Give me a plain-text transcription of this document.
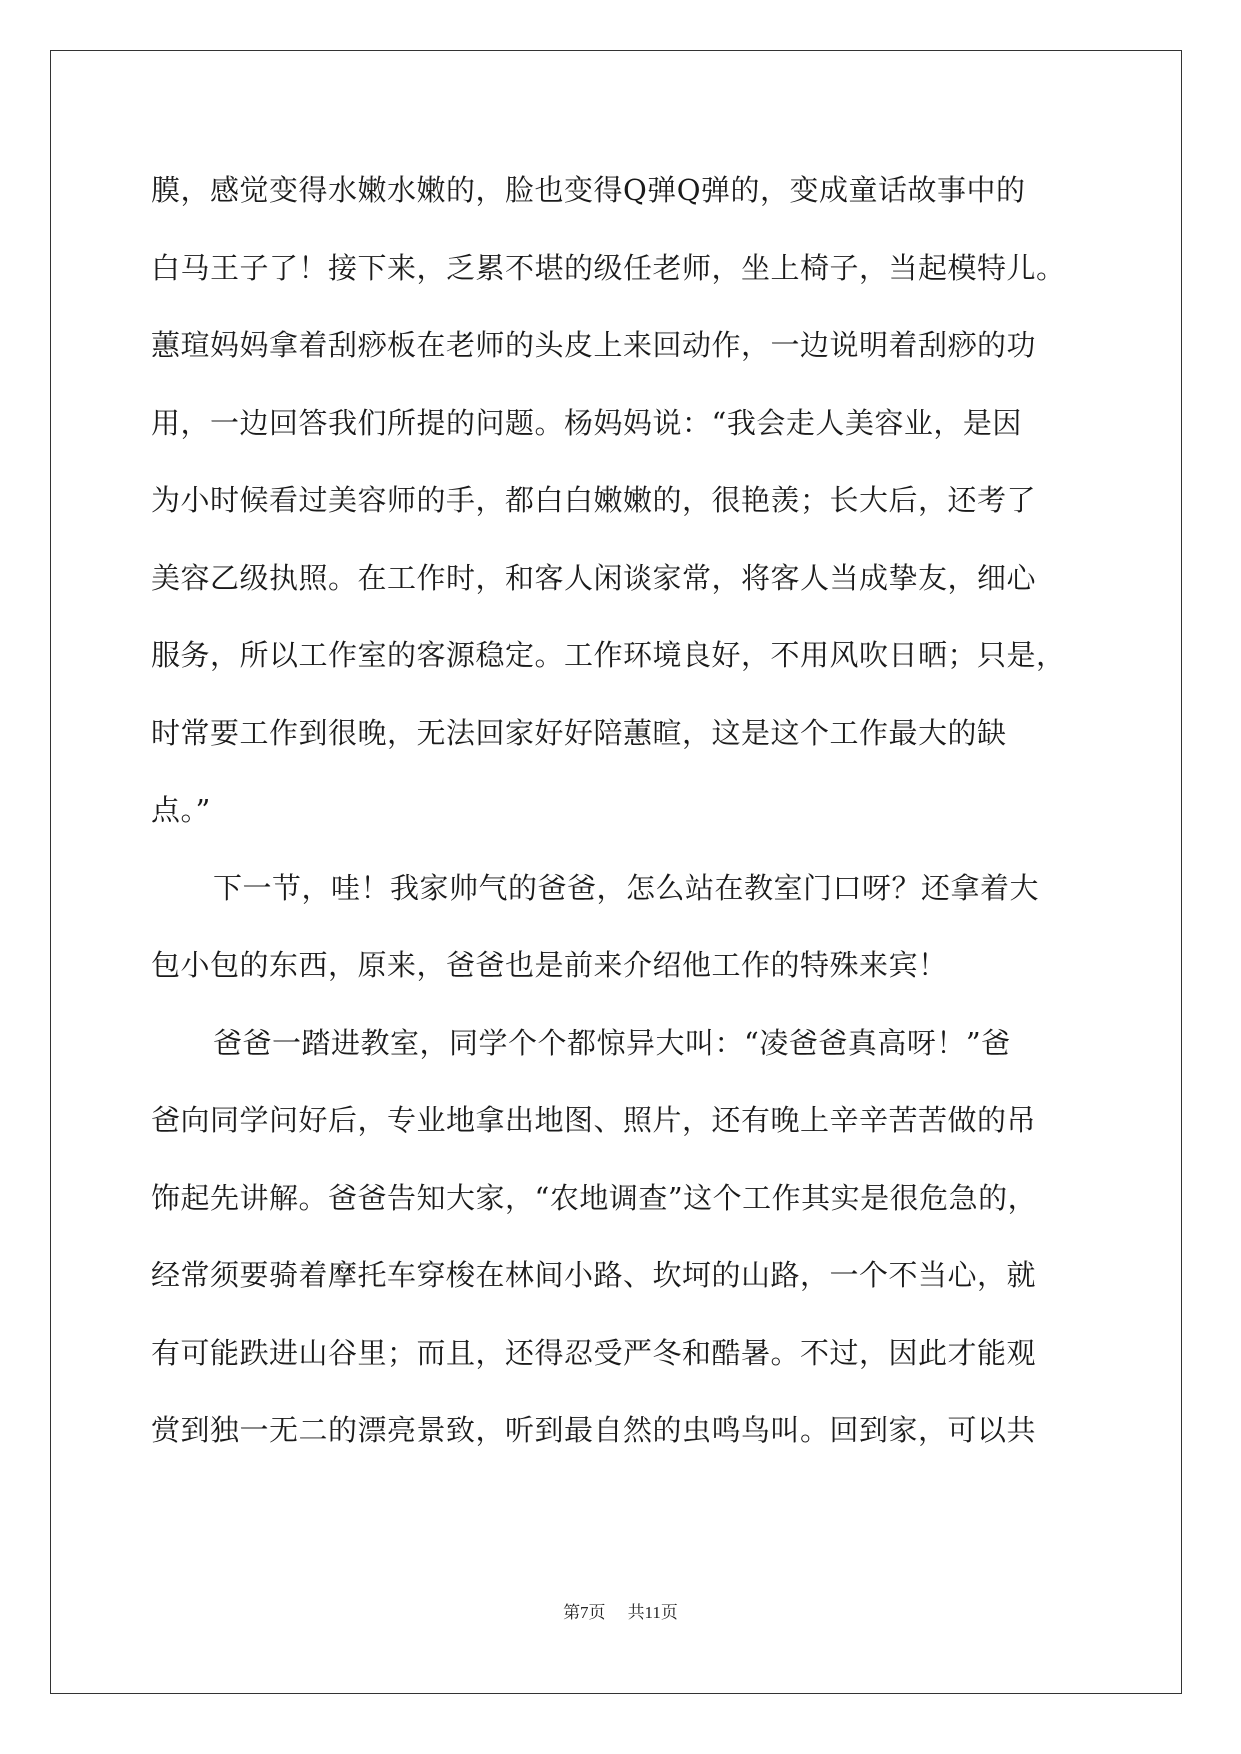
膜，感觉变得水嫩水嫩的，脸也变得Q弹Q弹的，变成童话故事中的
白马王子了！接下来，乏累不堪的级任老师，坐上椅子，当起模特儿。
蕙瑄妈妈拿着刮痧板在老师的头皮上来回动作，一边说明着刮痧的功
用，一边回答我们所提的问题。杨妈妈说：“我会走人美容业，是因
为小时候看过美容师的手，都白白嫩嫩的，很艳羡；长大后，还考了
美容乙级执照。在工作时，和客人闲谈家常，将客人当成挚友，细心
服务，所以工作室的客源稳定。工作环境良好，不用风吹日晒；只是，
时常要工作到很晚，无法回家好好陪蕙暄，这是这个工作最大的缺
点。”
下一节，哇！我家帅气的爸爸，怎么站在教室门口呀？还拿着大
包小包的东西，原来，爸爸也是前来介绍他工作的特殊来宾！
爸爸一踏进教室，同学个个都惊异大叫：“凌爸爸真高呀！”爸
爸向同学问好后，专业地拿出地图、照片，还有晚上辛辛苦苦做的吊
饰起先讲解。爸爸告知大家，“农地调查”这个工作其实是很危急的，
经常须要骑着摩托车穿梭在林间小路、坎坷的山路，一个不当心，就
有可能跌进山谷里；而且，还得忍受严冬和酷暑。不过，因此才能观
赏到独一无二的漂亮景致，听到最自然的虫鸣鸟叫。回到家，可以共
第7页 共11页
